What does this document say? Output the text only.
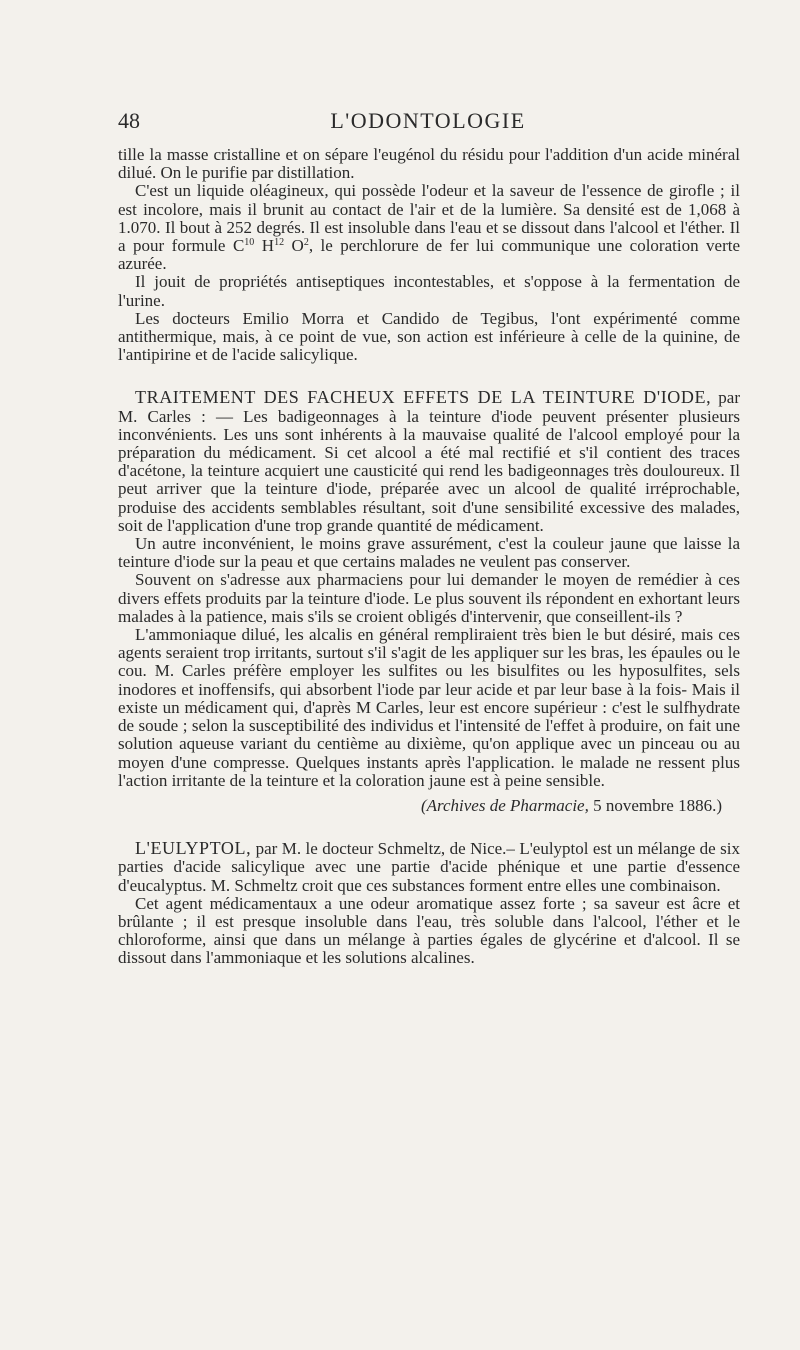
48	L'ODONTOLOGIE

tille la masse cristalline et on sépare l'eugénol du résidu pour l'addition d'un acide minéral dilué. On le purifie par distillation.

C'est un liquide oléagineux, qui possède l'odeur et la saveur de l'essence de girofle ; il est incolore, mais il brunit au contact de l'air et de la lumière. Sa densité est de 1,068 à 1.070. Il bout à 252 degrés. Il est insoluble dans l'eau et se dissout dans l'alcool et l'éther. Il a pour formule $C^{10}$ $H^{12}$ $O^2$, le perchlorure de fer lui communique une coloration verte azurée.

Il jouit de propriétés antiseptiques incontestables, et s'oppose à la fermentation de l'urine.

Les docteurs Emilio Morra et Candido de Tegibus, l'ont expérimenté comme antithermique, mais, à ce point de vue, son action est inférieure à celle de la quinine, de l'antipirine et de l'acide salicylique.

TRAITEMENT DES FACHEUX EFFETS DE LA TEINTURE D'IODE, par M. Carles : — Les badigeonnages à la teinture d'iode peuvent présenter plusieurs inconvénients. Les uns sont inhérents à la mauvaise qualité de l'alcool employé pour la préparation du médicament. Si cet alcool a été mal rectifié et s'il contient des traces d'acétone, la teinture acquiert une causticité qui rend les badigeonnages très douloureux. Il peut arriver que la teinture d'iode, préparée avec un alcool de qualité irréprochable, produise des accidents semblables résultant, soit d'une sensibilité excessive des malades, soit de l'application d'une trop grande quantité de médicament.

Un autre inconvénient, le moins grave assurément, c'est la couleur jaune que laisse la teinture d'iode sur la peau et que certains malades ne veulent pas conserver.

Souvent on s'adresse aux pharmaciens pour lui demander le moyen de remédier à ces divers effets produits par la teinture d'iode. Le plus souvent ils répondent en exhortant leurs malades à la patience, mais s'ils se croient obligés d'intervenir, que conseillent-ils ?

L'ammoniaque dilué, les alcalis en général rempliraient très bien le but désiré, mais ces agents seraient trop irritants, surtout s'il s'agit de les appliquer sur les bras, les épaules ou le cou. M. Carles préfère employer les sulfites ou les bisulfites ou les hyposulfites, sels inodores et inoffensifs, qui absorbent l'iode par leur acide et par leur base à la fois- Mais il existe un médicament qui, d'après M Carles, leur est encore supérieur : c'est le sulfhydrate de soude ; selon la susceptibilité des individus et l'intensité de l'effet à produire, on fait une solution aqueuse variant du centième au dixième, qu'on applique avec un pinceau ou au moyen d'une compresse. Quelques instants après l'application. le malade ne ressent plus l'action irritante de la teinture et la coloration jaune est à peine sensible.

(Archives de Pharmacie, 5 novembre 1886.)

L'EULYPTOL, par M. le docteur Schmeltz, de Nice.– L'eulyptol est un mélange de six parties d'acide salicylique avec une partie d'acide phénique et une partie d'essence d'eucalyptus. M. Schmeltz croit que ces substances forment entre elles une combinaison.

Cet agent médicamentaux a une odeur aromatique assez forte ; sa saveur est âcre et brûlante ; il est presque insoluble dans l'eau, très soluble dans l'alcool, l'éther et le chloroforme, ainsi que dans un mélange à parties égales de glycérine et d'alcool. Il se dissout dans l'ammoniaque et les solutions alcalines.
